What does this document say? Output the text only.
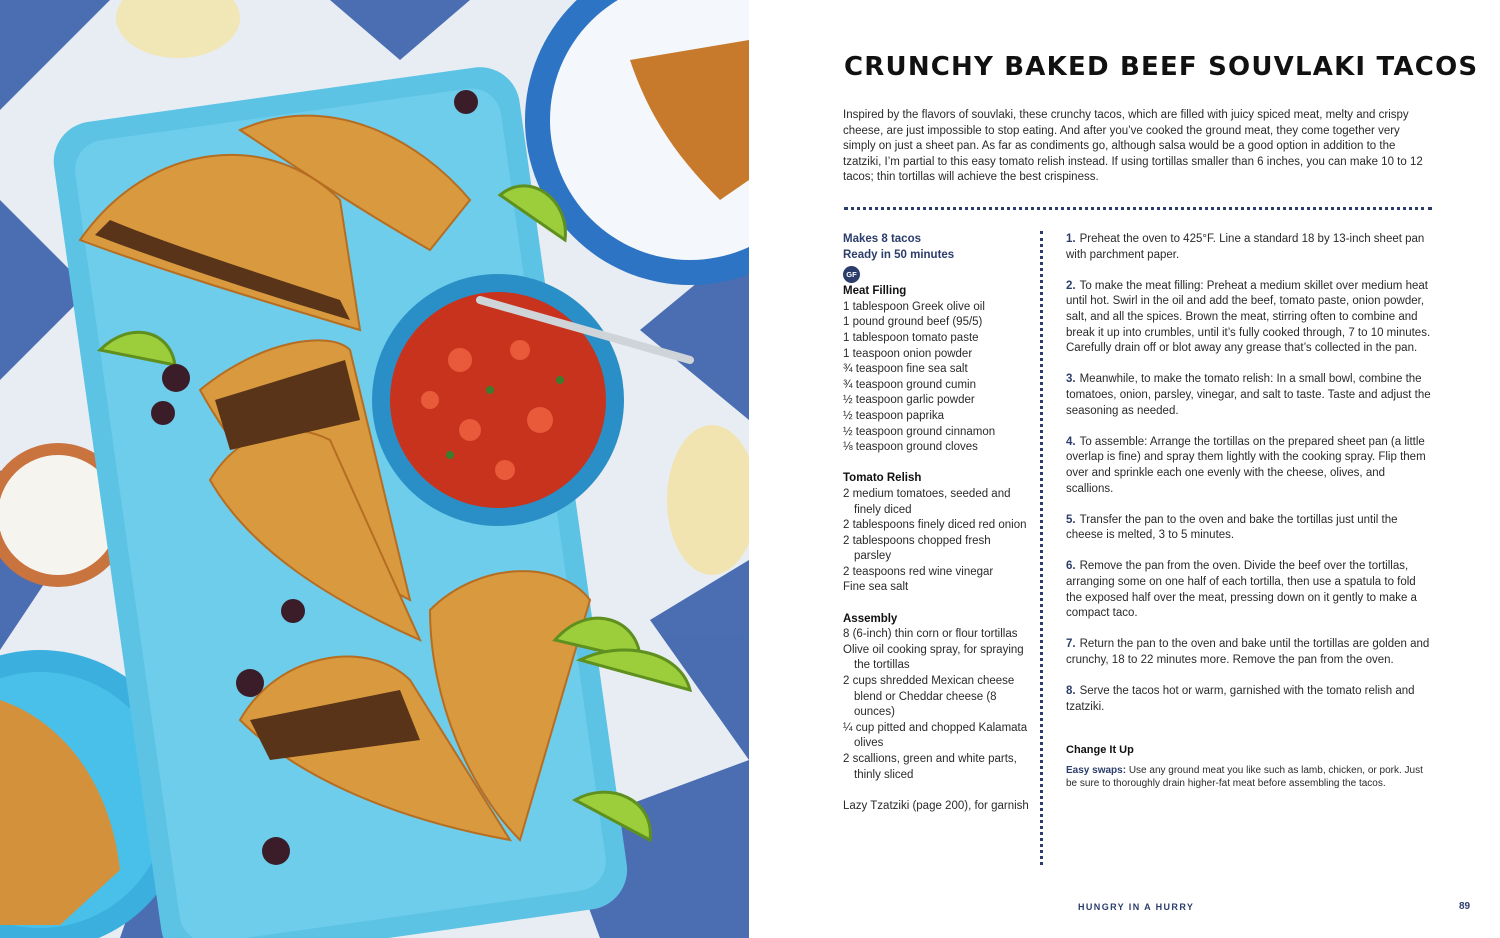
CRUNCHY BAKED BEEF SOUVLAKI TACOS

Inspired by the flavors of souvlaki, these crunchy tacos, which are filled with juicy spiced meat, melty and crispy cheese, are just impossible to stop eating. And after you’ve cooked the ground meat, they come together very simply on just a sheet pan. As far as condiments go, although salsa would be a good option in addition to the tzatziki, I’m partial to this easy tomato relish instead. If using tortillas smaller than 6 inches, you can make 10 to 12 tacos; thin tortillas will achieve the best crispiness.

Makes 8 tacos
Ready in 50 minutes
GF
Meat Filling
1 tablespoon Greek olive oil
1 pound ground beef (95/5)
1 tablespoon tomato paste
1 teaspoon onion powder
¾ teaspoon fine sea salt
¾ teaspoon ground cumin
½ teaspoon garlic powder
½ teaspoon paprika
½ teaspoon ground cinnamon
⅛ teaspoon ground cloves
Tomato Relish
2 medium tomatoes, seeded and finely diced
2 tablespoons finely diced red onion
2 tablespoons chopped fresh parsley
2 teaspoons red wine vinegar
Fine sea salt
Assembly
8 (6-inch) thin corn or flour tortillas
Olive oil cooking spray, for spraying the tortillas
2 cups shredded Mexican cheese blend or Cheddar cheese (8 ounces)
¼ cup pitted and chopped Kalamata olives
2 scallions, green and white parts, thinly sliced
Lazy Tzatziki (page 200), for garnish

1. Preheat the oven to 425°F. Line a standard 18 by 13-inch sheet pan with parchment paper.

2. To make the meat filling: Preheat a medium skillet over medium heat until hot. Swirl in the oil and add the beef, tomato paste, onion powder, salt, and all the spices. Brown the meat, stirring often to combine and break it up into crumbles, until it’s fully cooked through, 7 to 10 minutes. Carefully drain off or blot away any grease that’s collected in the pan.

3. Meanwhile, to make the tomato relish: In a small bowl, combine the tomatoes, onion, parsley, vinegar, and salt to taste. Taste and adjust the seasoning as needed.

4. To assemble: Arrange the tortillas on the prepared sheet pan (a little overlap is fine) and spray them lightly with the cooking spray. Flip them over and sprinkle each one evenly with the cheese, olives, and scallions.

5. Transfer the pan to the oven and bake the tortillas just until the cheese is melted, 3 to 5 minutes.

6. Remove the pan from the oven. Divide the beef over the tortillas, arranging some on one half of each tortilla, then use a spatula to fold the exposed half over the meat, pressing down on it gently to make a compact taco.

7. Return the pan to the oven and bake until the tortillas are golden and crunchy, 18 to 22 minutes more. Remove the pan from the oven.

8. Serve the tacos hot or warm, garnished with the tomato relish and tzatziki.

Change It Up

Easy swaps: Use any ground meat you like such as lamb, chicken, or pork. Just be sure to thoroughly drain higher-fat meat before assembling the tacos.

HUNGRY IN A HURRY	89
